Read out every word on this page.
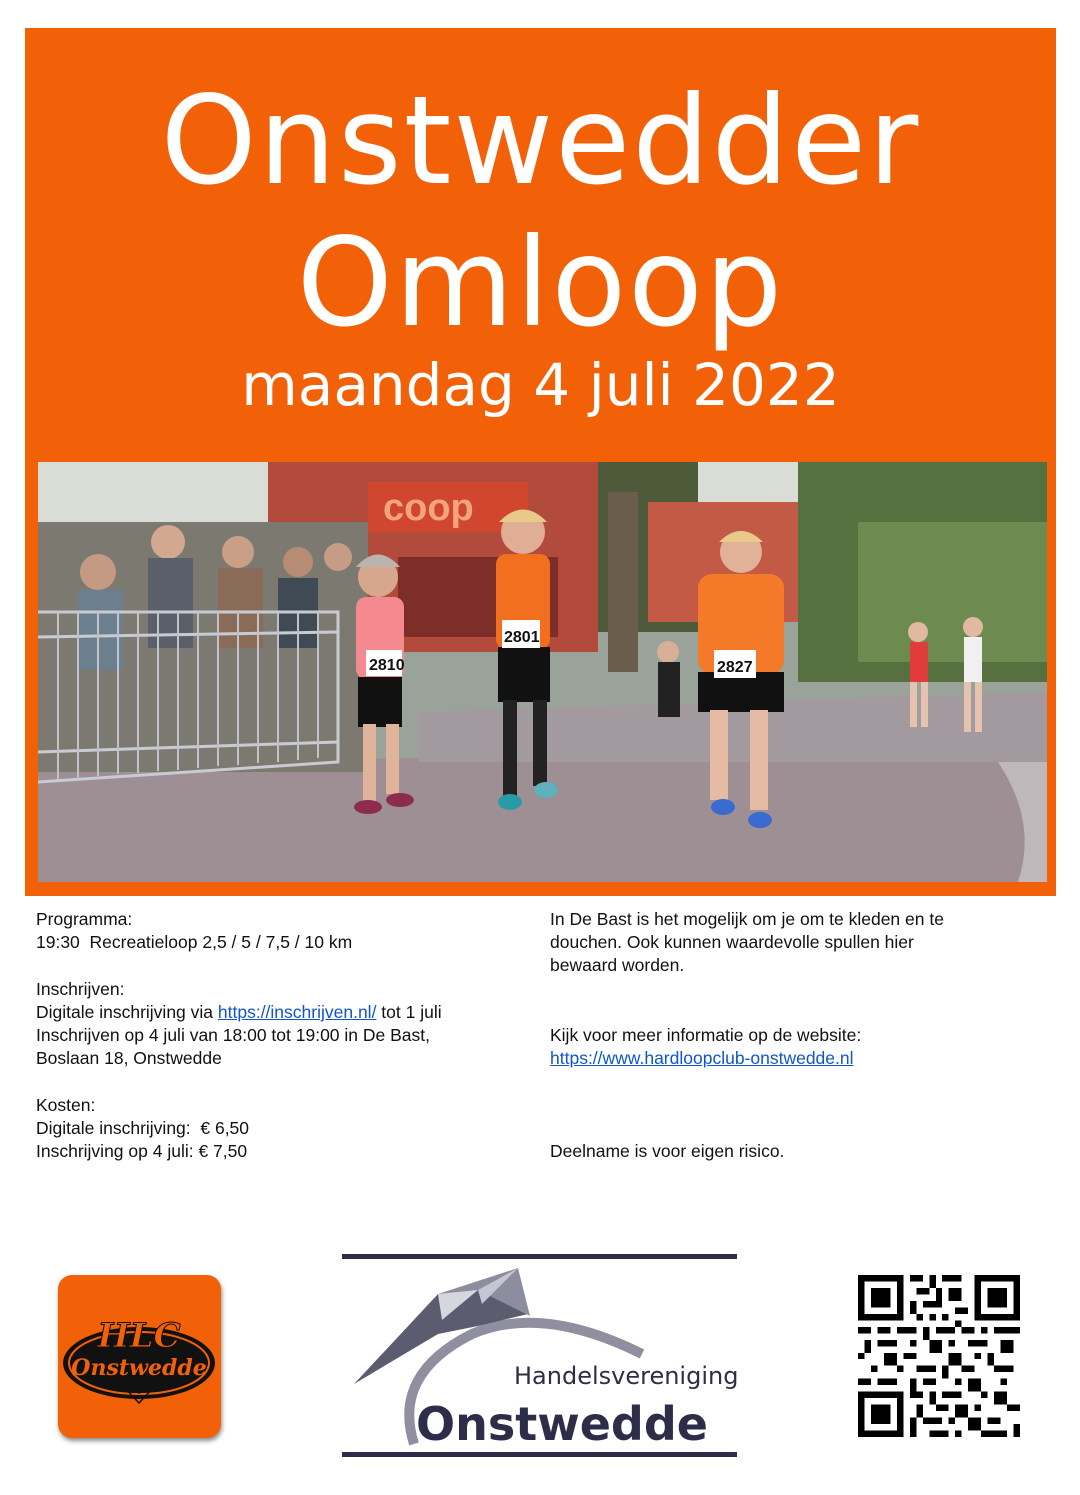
Onstwedder
Omloop
maandag 4 juli 2022
coop
2810
2801
2827
Programma:
19:30  Recreatieloop 2,5 / 5 / 7,5 / 10 km

Inschrijven:
Digitale inschrijving via https://inschrijven.nl/ tot 1 juli
Inschrijven op 4 juli van 18:00 tot 19:00 in De Bast,
Boslaan 18, Onstwedde

Kosten:
Digitale inschrijving:  € 6,50
Inschrijving op 4 juli: € 7,50
In De Bast is het mogelijk om je om te kleden en te
douchen. Ook kunnen waardevolle spullen hier
bewaard worden.

Kijk voor meer informatie op de website:
https://www.hardloopclub-onstwedde.nl

Deelname is voor eigen risico.
HLC
Onstwedde	Handelsvereniging
Onstwedde
